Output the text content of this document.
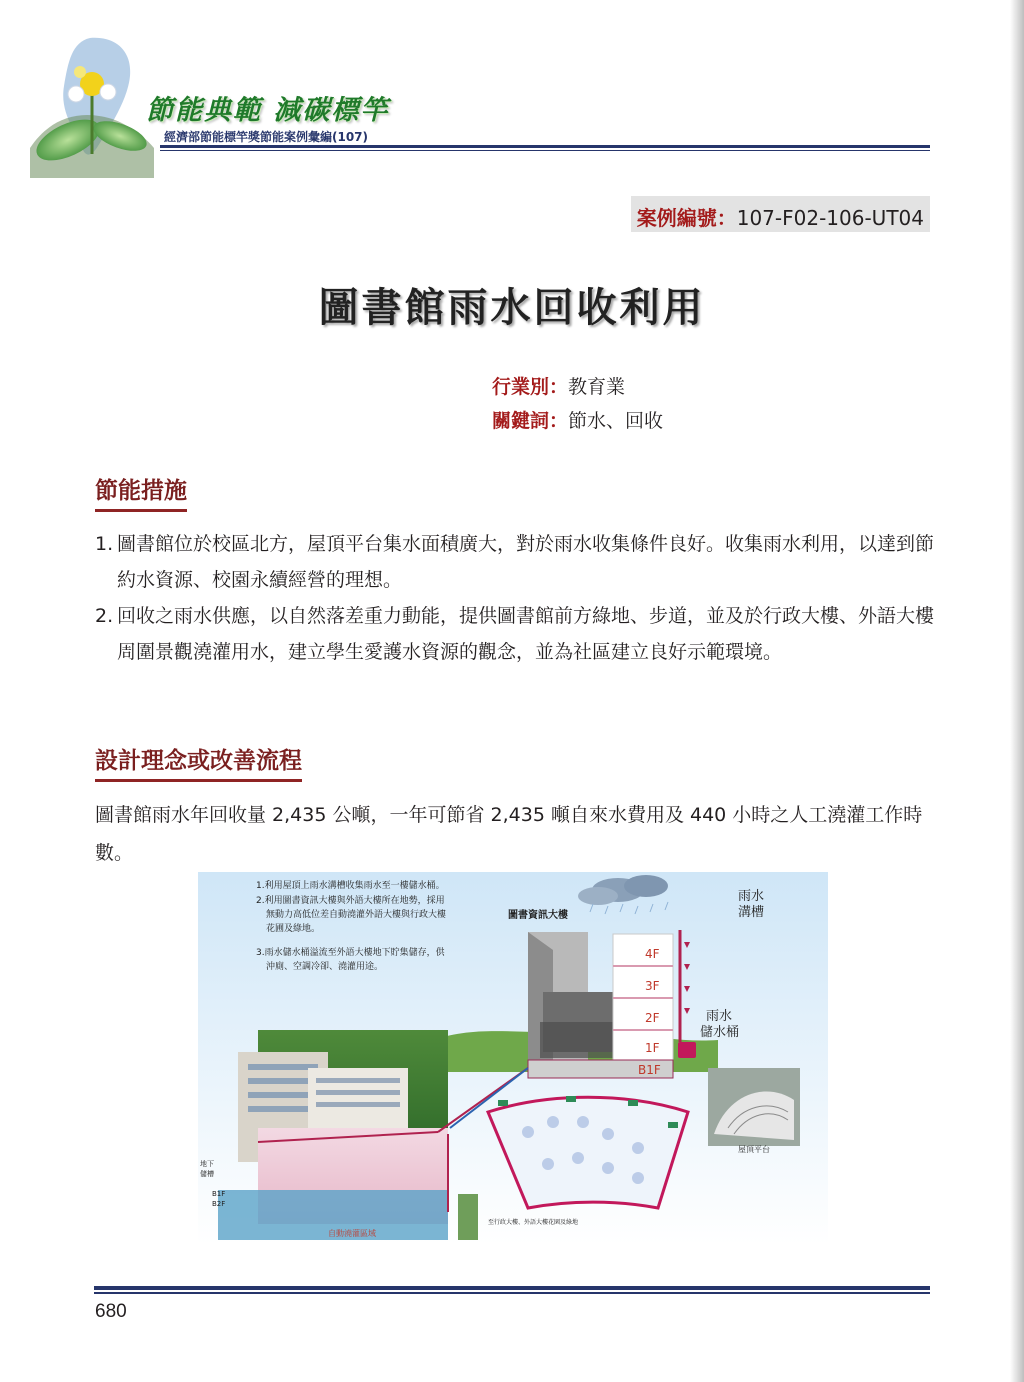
節能典範 減碳標竿
經濟部節能標竿獎節能案例彙編(107)
案例編號：107-F02-106-UT04
圖書館雨水回收利用
行業別：教育業
關鍵詞：節水、回收
節能措施
1. 圖書館位於校區北方，屋頂平台集水面積廣大，對於雨水收集條件良好。收集雨水利用，以達到節約水資源、校園永續經營的理想。
2. 回收之雨水供應，以自然落差重力動能，提供圖書館前方綠地、步道，並及於行政大樓、外語大樓周圍景觀澆灌用水，建立學生愛護水資源的觀念，並為社區建立良好示範環境。
設計理念或改善流程
圖書館雨水年回收量 2,435 公噸，一年可節省 2,435 噸自來水費用及 440 小時之人工澆灌工作時數。
1.利用屋頂上雨水溝槽收集雨水至一樓儲水桶。
2.利用圖書資訊大樓與外語大樓所在地勢，採用
無動力高低位差自動澆灌外語大樓與行政大樓
花圃及綠地。
3.雨水儲水桶溢流至外語大樓地下貯集儲存，供
沖廁、空調冷卻、澆灌用途。
圖書資訊大樓
4F
3F
2F
1F
B1F
雨水
溝槽
雨水
儲水桶
屋頂平台
地下
儲槽
B1F
B2F
自動澆灌區域
至行政大樓、外語大樓花園及綠地
680
